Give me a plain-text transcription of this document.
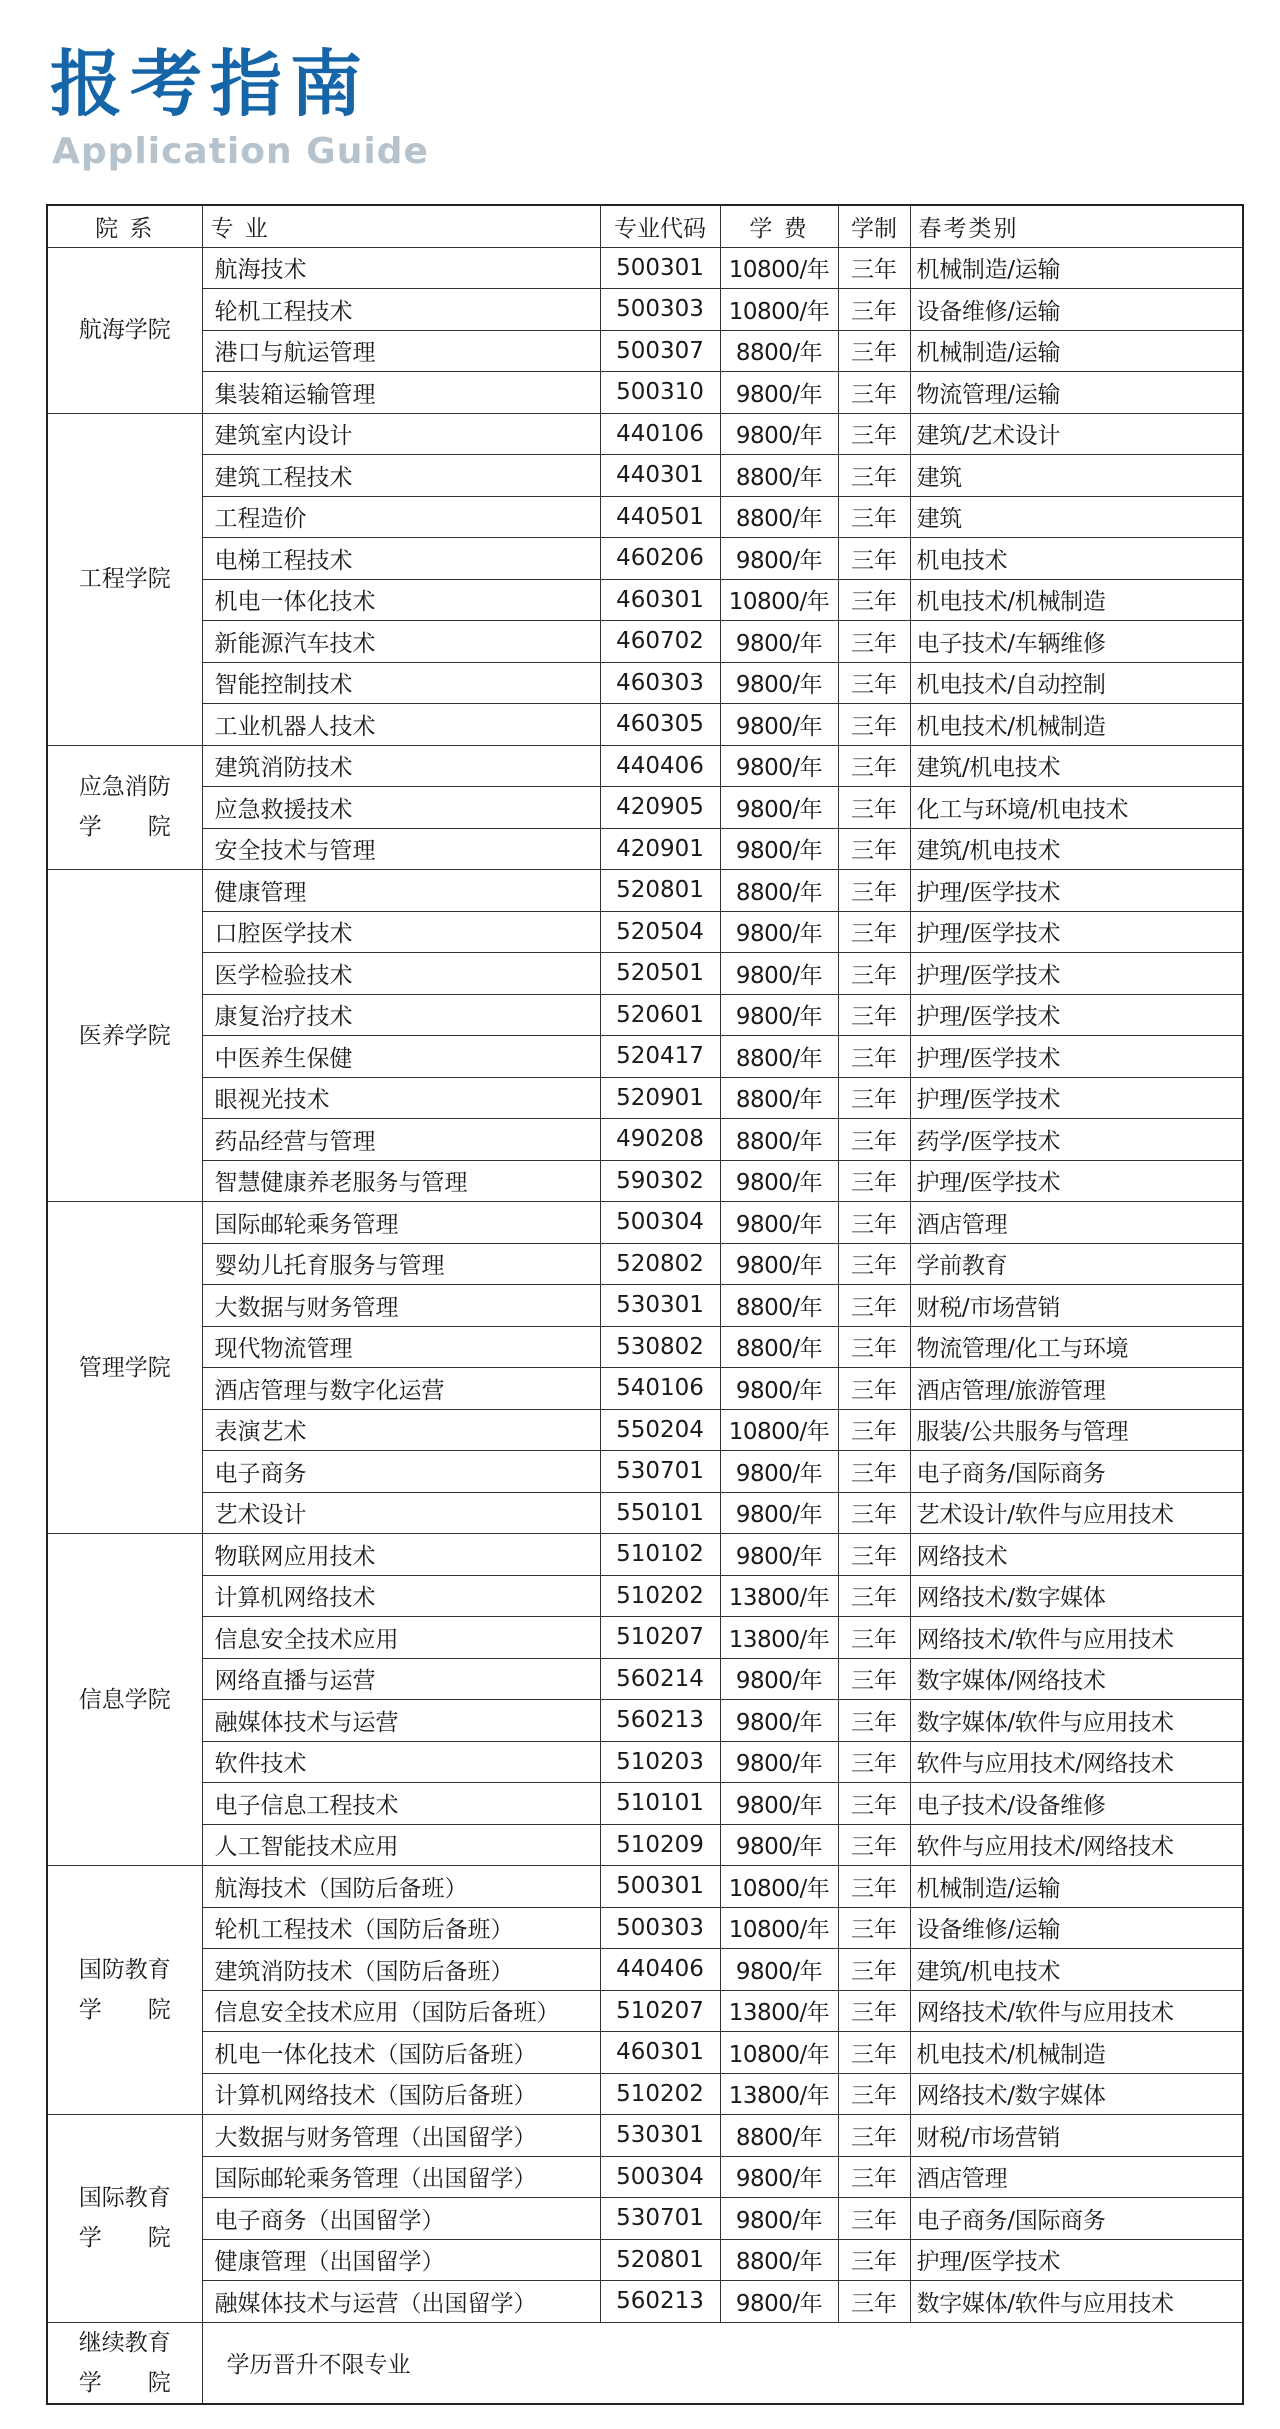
报考指南
Application Guide
院 系	专 业	专业代码	学 费	学制	春考类别

航海学院	航海技术	500301	10800/年	三年	机械制造/运输
	轮机工程技术	500303	10800/年	三年	设备维修/运输
	港口与航运管理	500307	8800/年	三年	机械制造/运输
	集装箱运输管理	500310	9800/年	三年	物流管理/运输

工程学院	建筑室内设计	440106	9800/年	三年	建筑/艺术设计
	建筑工程技术	440301	8800/年	三年	建筑
	工程造价	440501	8800/年	三年	建筑
	电梯工程技术	460206	9800/年	三年	机电技术
	机电一体化技术	460301	10800/年	三年	机电技术/机械制造
	新能源汽车技术	460702	9800/年	三年	电子技术/车辆维修
	智能控制技术	460303	9800/年	三年	机电技术/自动控制
	工业机器人技术	460305	9800/年	三年	机电技术/机械制造

应急消防
学　　院	建筑消防技术	440406	9800/年	三年	建筑/机电技术
	应急救援技术	420905	9800/年	三年	化工与环境/机电技术
	安全技术与管理	420901	9800/年	三年	建筑/机电技术

医养学院	健康管理	520801	8800/年	三年	护理/医学技术
	口腔医学技术	520504	9800/年	三年	护理/医学技术
	医学检验技术	520501	9800/年	三年	护理/医学技术
	康复治疗技术	520601	9800/年	三年	护理/医学技术
	中医养生保健	520417	8800/年	三年	护理/医学技术
	眼视光技术	520901	8800/年	三年	护理/医学技术
	药品经营与管理	490208	8800/年	三年	药学/医学技术
	智慧健康养老服务与管理	590302	9800/年	三年	护理/医学技术

管理学院	国际邮轮乘务管理	500304	9800/年	三年	酒店管理
	婴幼儿托育服务与管理	520802	9800/年	三年	学前教育
	大数据与财务管理	530301	8800/年	三年	财税/市场营销
	现代物流管理	530802	8800/年	三年	物流管理/化工与环境
	酒店管理与数字化运营	540106	9800/年	三年	酒店管理/旅游管理
	表演艺术	550204	10800/年	三年	服装/公共服务与管理
	电子商务	530701	9800/年	三年	电子商务/国际商务
	艺术设计	550101	9800/年	三年	艺术设计/软件与应用技术

信息学院	物联网应用技术	510102	9800/年	三年	网络技术
	计算机网络技术	510202	13800/年	三年	网络技术/数字媒体
	信息安全技术应用	510207	13800/年	三年	网络技术/软件与应用技术
	网络直播与运营	560214	9800/年	三年	数字媒体/网络技术
	融媒体技术与运营	560213	9800/年	三年	数字媒体/软件与应用技术
	软件技术	510203	9800/年	三年	软件与应用技术/网络技术
	电子信息工程技术	510101	9800/年	三年	电子技术/设备维修
	人工智能技术应用	510209	9800/年	三年	软件与应用技术/网络技术

国防教育
学　　院	航海技术（国防后备班）	500301	10800/年	三年	机械制造/运输
	轮机工程技术（国防后备班）	500303	10800/年	三年	设备维修/运输
	建筑消防技术（国防后备班）	440406	9800/年	三年	建筑/机电技术
	信息安全技术应用（国防后备班）	510207	13800/年	三年	网络技术/软件与应用技术
	机电一体化技术（国防后备班）	460301	10800/年	三年	机电技术/机械制造
	计算机网络技术（国防后备班）	510202	13800/年	三年	网络技术/数字媒体

国际教育
学　　院	大数据与财务管理（出国留学）	530301	8800/年	三年	财税/市场营销
	国际邮轮乘务管理（出国留学）	500304	9800/年	三年	酒店管理
	电子商务（出国留学）	530701	9800/年	三年	电子商务/国际商务
	健康管理（出国留学）	520801	8800/年	三年	护理/医学技术
	融媒体技术与运营（出国留学）	560213	9800/年	三年	数字媒体/软件与应用技术

继续教育
学　　院	学历晋升不限专业				
